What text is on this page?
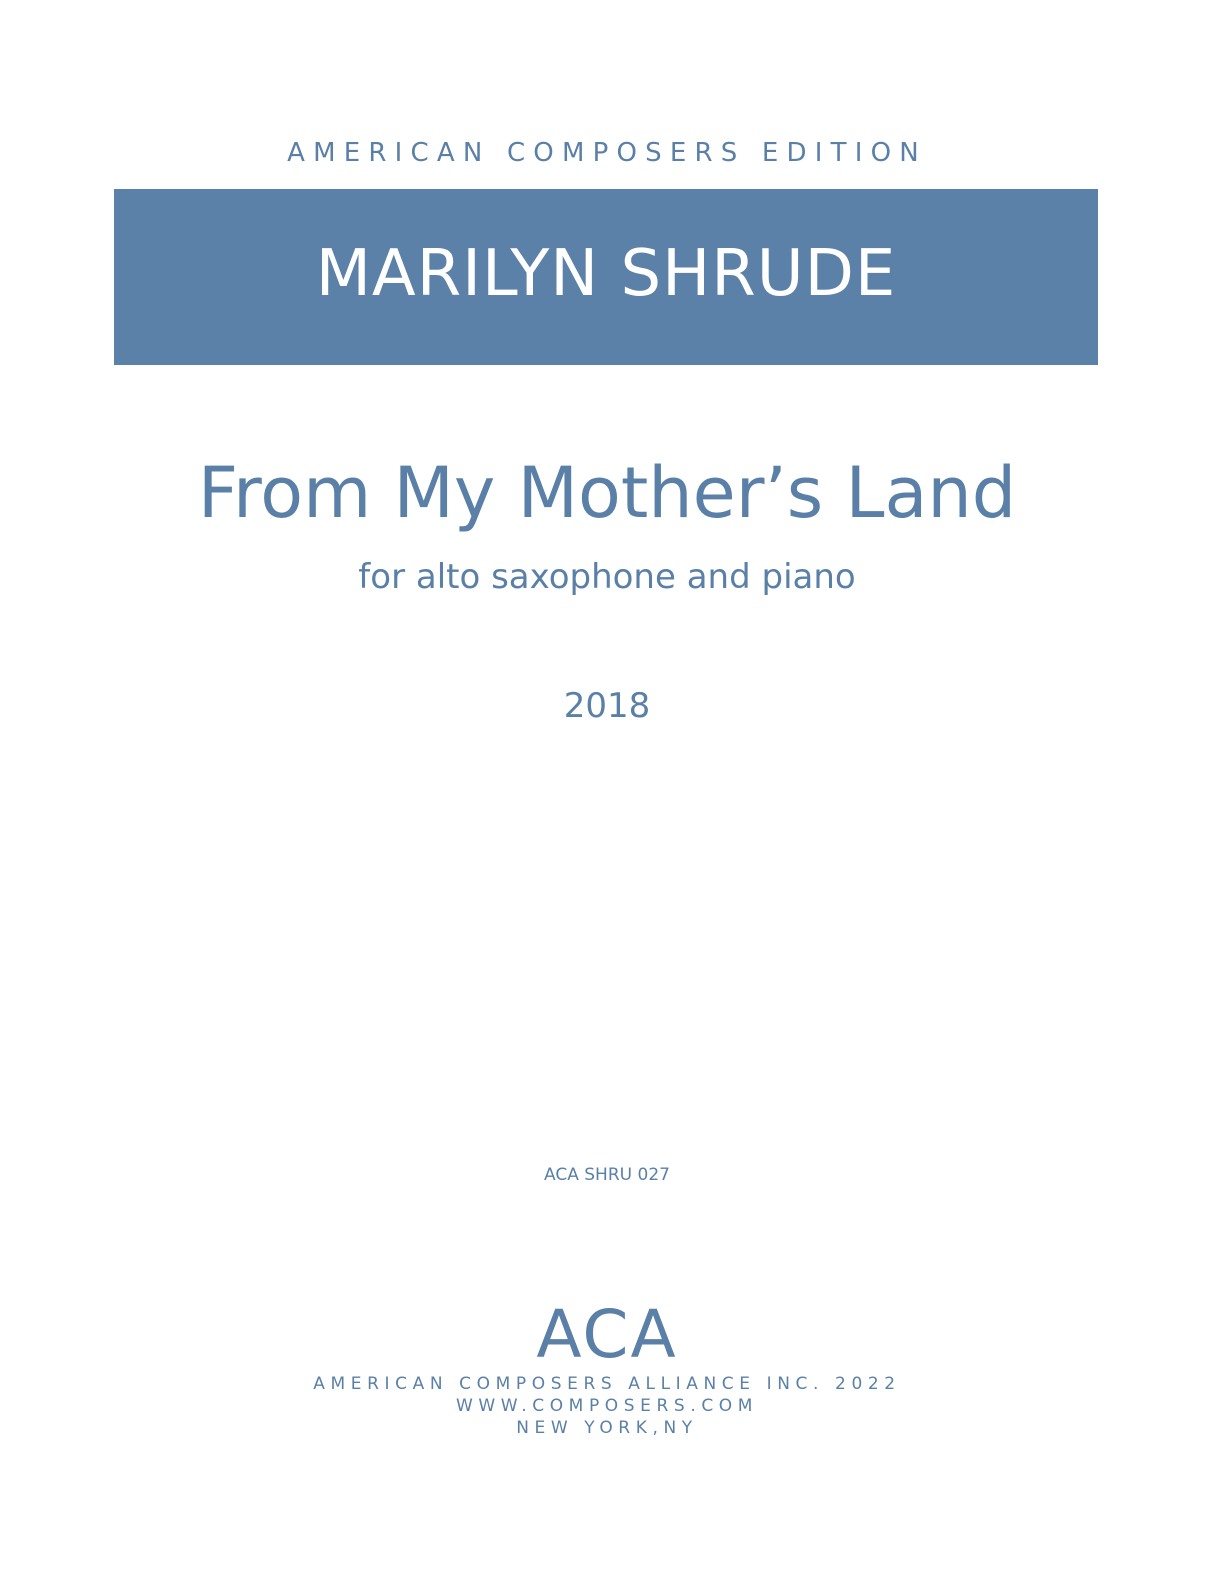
AMERICAN COMPOSERS EDITION
MARILYN SHRUDE
From My Mother’s Land
for alto saxophone and piano
2018
ACA SHRU 027
ACA
AMERICAN COMPOSERS ALLIANCE INC. 2022
WWW.COMPOSERS.COM
NEW YORK,NY
